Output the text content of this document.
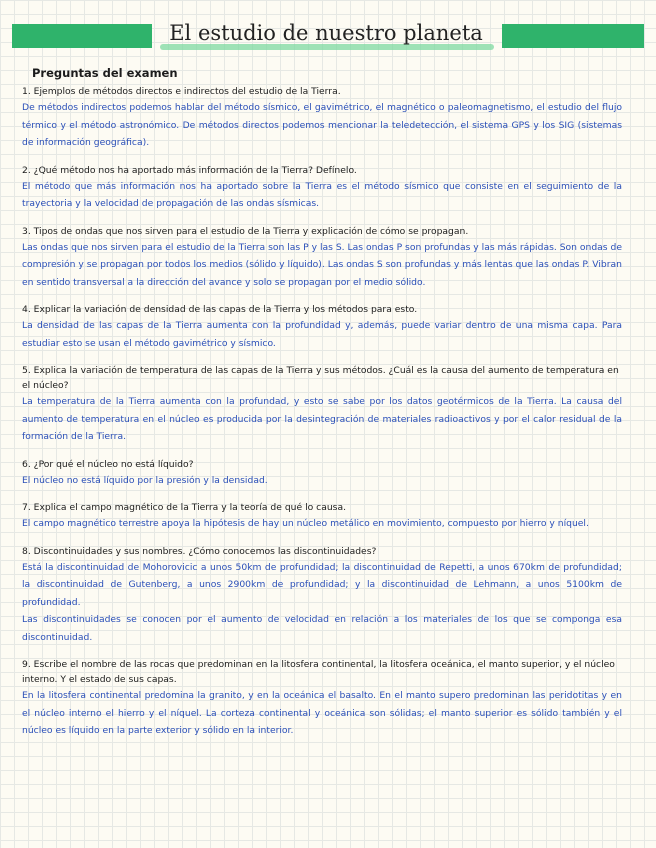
El estudio de nuestro planeta
Preguntas del examen
1. Ejemplos de métodos directos e indirectos del estudio de la Tierra.
De métodos indirectos podemos hablar del método sísmico, el gavimétrico, el magnético o paleomagnetismo, el estudio del flujo térmico y el método astronómico. De métodos directos podemos mencionar la teledetección, el sistema GPS y los SIG (sistemas de información geográfica).
2. ¿Qué método nos ha aportado más información de la Tierra? Defínelo.
El método que más información nos ha aportado sobre la Tierra es el método sísmico que consiste en el seguimiento de la trayectoria y la velocidad de propagación de las ondas sísmicas.
3. Tipos de ondas que nos sirven para el estudio de la Tierra y explicación de cómo se propagan.
Las ondas que nos sirven para el estudio de la Tierra son las P y las S. Las ondas P son profundas y las más rápidas. Son ondas de compresión y se propagan por todos los medios (sólido y líquido). Las ondas S son profundas y más lentas que las ondas P. Vibran en sentido transversal a la dirección del avance y solo se propagan por el medio sólido.
4. Explicar la variación de densidad de las capas de la Tierra y los métodos para esto.
La densidad de las capas de la Tierra aumenta con la profundidad y, además, puede variar dentro de una misma capa. Para estudiar esto se usan el método gavimétrico y sísmico.
5. Explica la variación de temperatura de las capas de la Tierra y sus métodos. ¿Cuál es la causa del aumento de temperatura en el núcleo?
La temperatura de la Tierra aumenta con la profundad, y esto se sabe por los datos geotérmicos de la Tierra. La causa del aumento de temperatura en el núcleo es producida por la desintegración de materiales radioactivos y por el calor residual de la formación de la Tierra.
6. ¿Por qué el núcleo no está líquido?
El núcleo no está líquido por la presión y la densidad.
7. Explica el campo magnético de la Tierra y la teoría de qué lo causa.
El campo magnético terrestre apoya la hipótesis de hay un núcleo metálico en movimiento, compuesto por hierro y níquel.
8. Discontinuidades y sus nombres. ¿Cómo conocemos las discontinuidades?
Está la discontinuidad de Mohorovicic a unos 50km de profundidad; la discontinuidad de Repetti, a unos 670km de profundidad; la discontinuidad de Gutenberg, a unos 2900km de profundidad; y la discontinuidad de Lehmann, a unos 5100km de profundidad.
Las discontinuidades se conocen por el aumento de velocidad en relación a los materiales de los que se componga esa discontinuidad.
9. Escribe el nombre de las rocas que predominan en la litosfera continental, la litosfera oceánica, el manto superior, y el núcleo interno. Y el estado de sus capas.
En la litosfera continental predomina la granito, y en la oceánica el basalto. En el manto supero predominan las peridotitas y en el núcleo interno el hierro y el níquel. La corteza continental y oceánica son sólidas; el manto superior es sólido también y el núcleo es líquido en la parte exterior y sólido en la interior.
